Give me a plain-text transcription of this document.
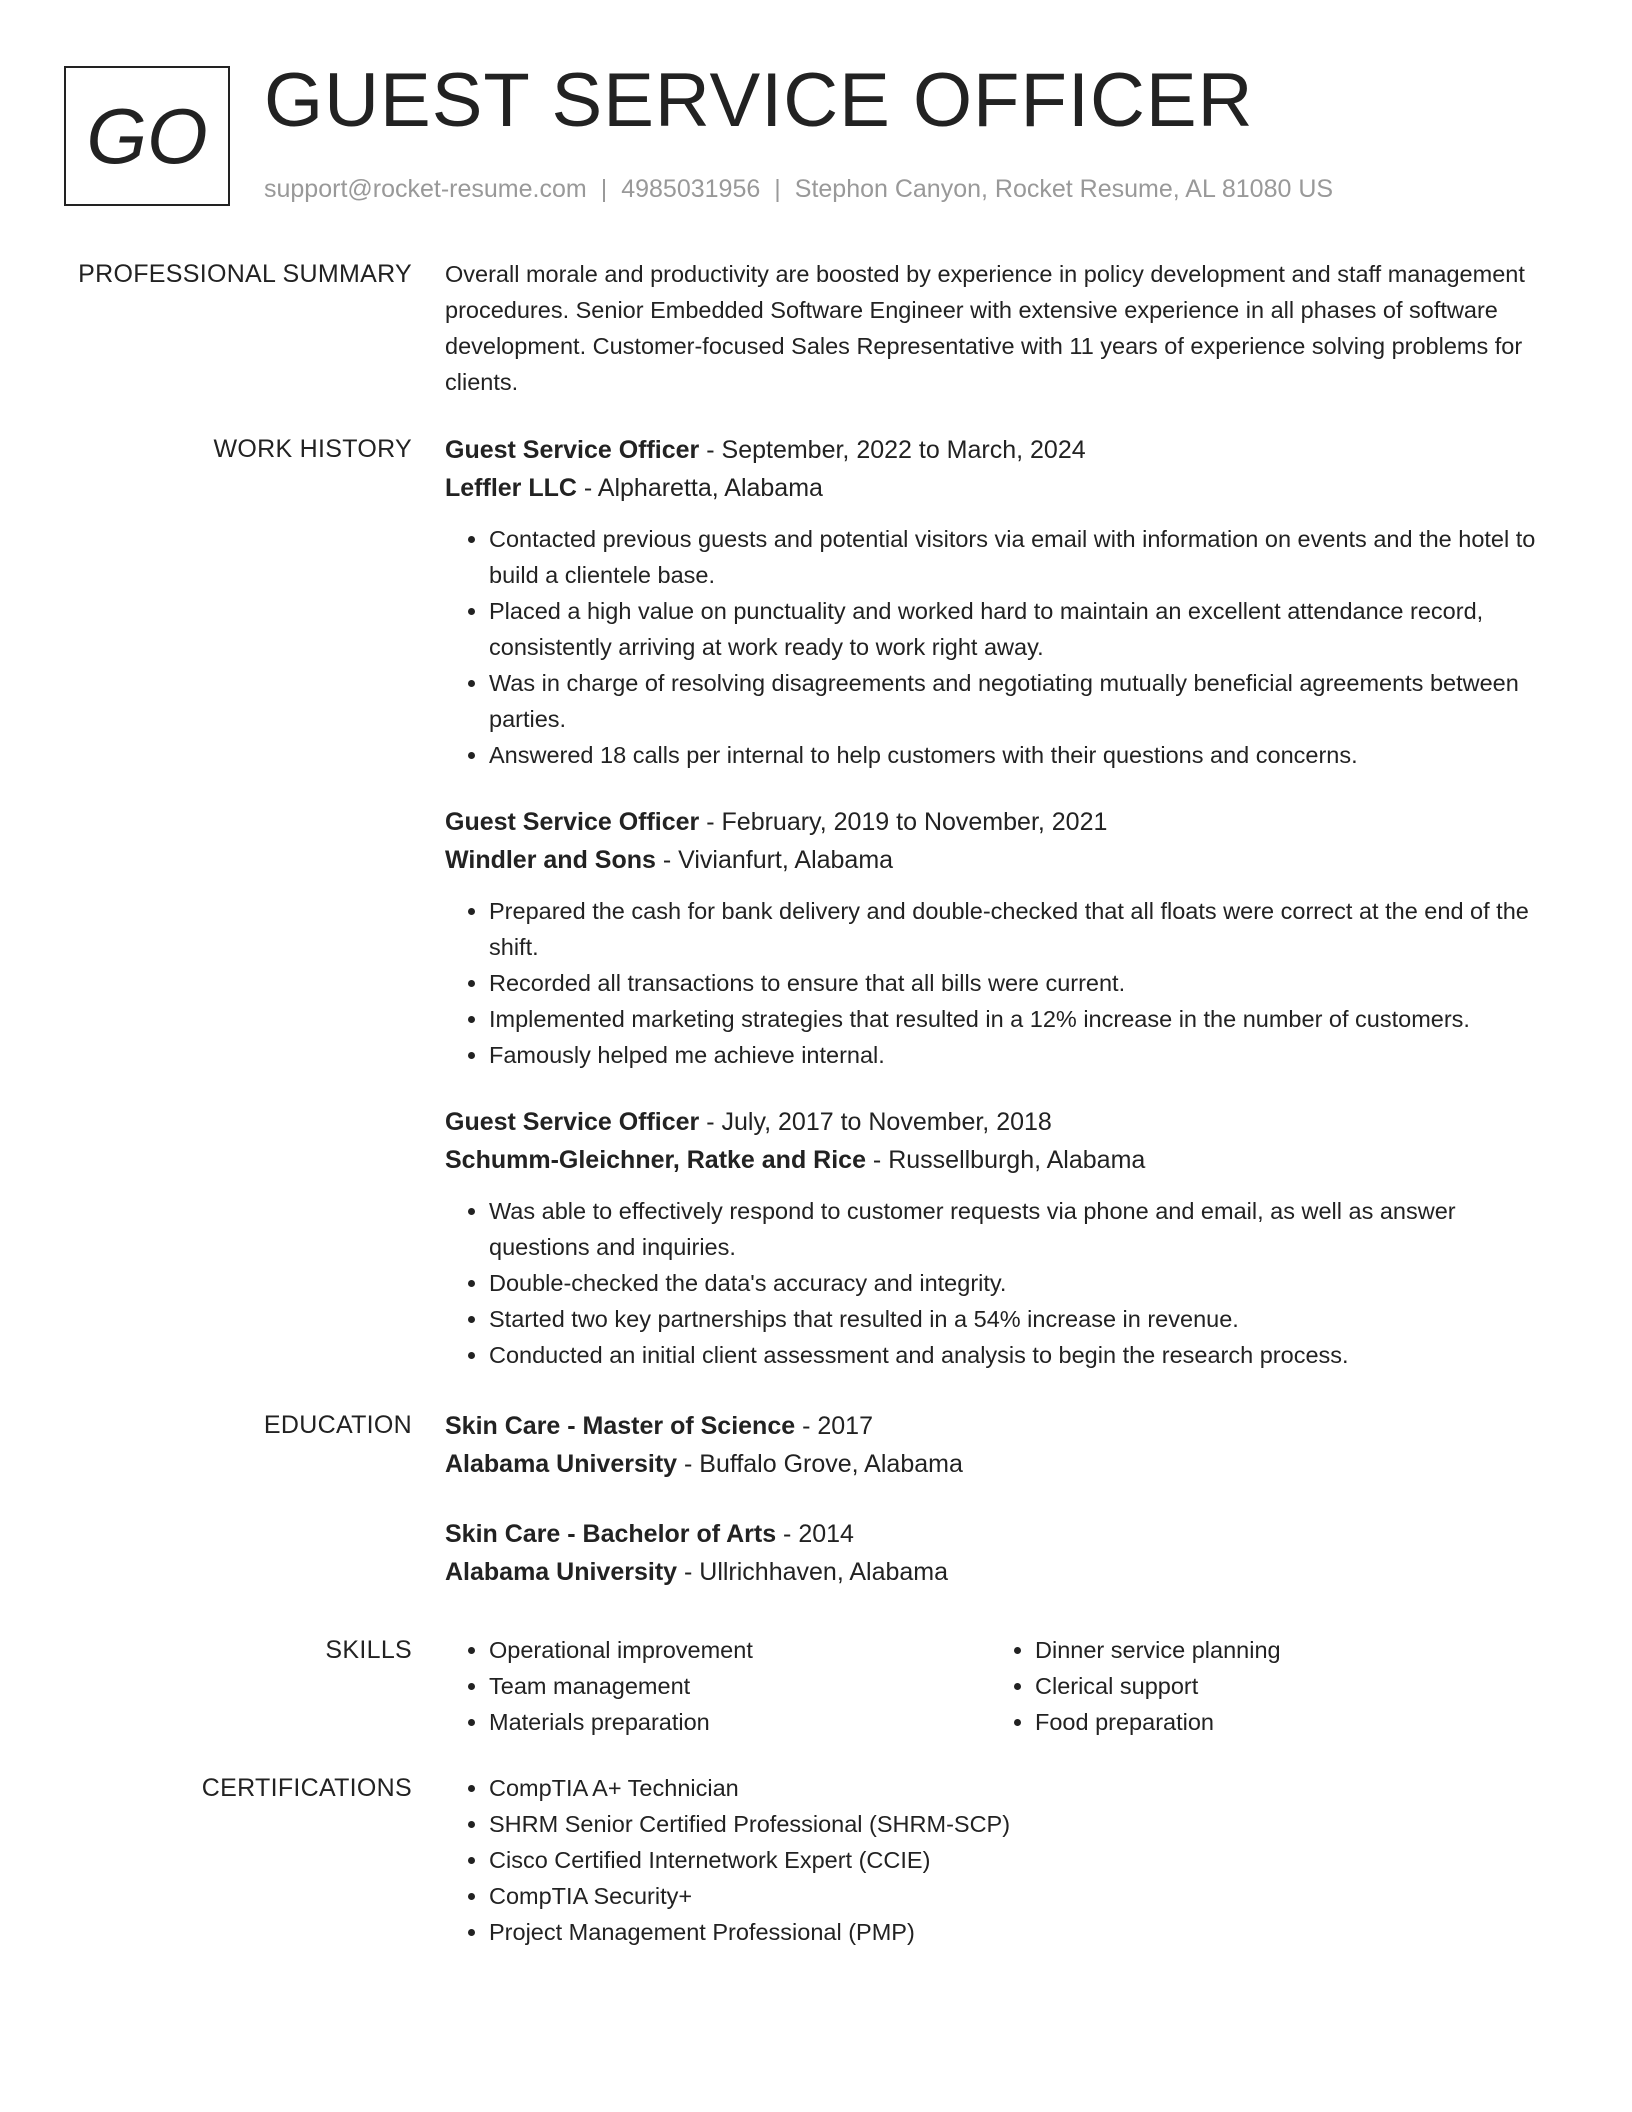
GO GUEST SERVICE OFFICER
support@rocket-resume.com | 4985031956 | Stephon Canyon, Rocket Resume, AL 81080 US
PROFESSIONAL SUMMARY Overall morale and productivity are boosted by experience in policy development and staff management procedures. Senior Embedded Software Engineer with extensive experience in all phases of software development. Customer-focused Sales Representative with 11 years of experience solving problems for clients.

WORK HISTORY Guest Service Officer - September, 2022 to March, 2024
Leffler LLC - Alpharetta, Alabama
• Contacted previous guests and potential visitors via email with information on events and the hotel to build a clientele base.
• Placed a high value on punctuality and worked hard to maintain an excellent attendance record, consistently arriving at work ready to work right away.
• Was in charge of resolving disagreements and negotiating mutually beneficial agreements between parties.
• Answered 18 calls per internal to help customers with their questions and concerns.
Guest Service Officer - February, 2019 to November, 2021
Windler and Sons - Vivianfurt, Alabama
• Prepared the cash for bank delivery and double-checked that all floats were correct at the end of the shift.
• Recorded all transactions to ensure that all bills were current.
• Implemented marketing strategies that resulted in a 12% increase in the number of customers.
• Famously helped me achieve internal.
Guest Service Officer - July, 2017 to November, 2018
Schumm-Gleichner, Ratke and Rice - Russellburgh, Alabama
• Was able to effectively respond to customer requests via phone and email, as well as answer questions and inquiries.
• Double-checked the data's accuracy and integrity.
• Started two key partnerships that resulted in a 54% increase in revenue.
• Conducted an initial client assessment and analysis to begin the research process.
EDUCATION Skin Care - Master of Science - 2017
Alabama University - Buffalo Grove, Alabama
Skin Care - Bachelor of Arts - 2014
Alabama University - Ullrichhaven, Alabama
SKILLS	• Operational improvement
• Team management
• Materials preparation
• Dinner service planning
• Clerical support
• Food preparation
CERTIFICATIONS	• CompTIA A+ Technician
• SHRM Senior Certified Professional (SHRM-SCP)
• Cisco Certified Internetwork Expert (CCIE)
• CompTIA Security+
• Project Management Professional (PMP)
